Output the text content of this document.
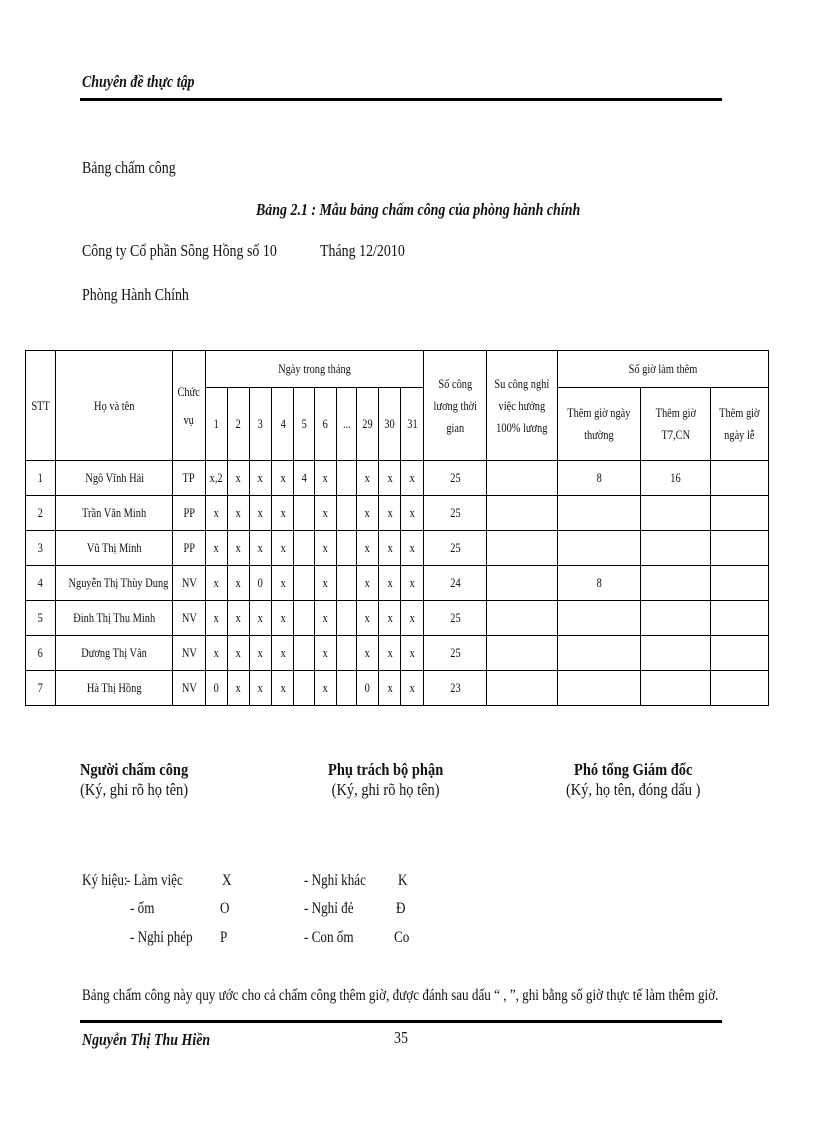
Chuyên đề thực tập
Bảng chấm công
Bảng 2.1 : Mẫu bảng chấm công của phòng hành chính
Công ty Cổ phần Sông Hồng số 10	Tháng 12/2010
Phòng Hành Chính
STT	Họ và tên	Chức vụ	Ngày trong tháng										Số công lương thời gian	Su công nghỉ việc hưởng 100% lương	Số giờ làm thêm		
			1	2	3	4	5	6	...	29	30	31			Thêm giờ ngày thường	Thêm giờ T7,CN	Thêm giờ ngày lễ
1	Ngô Vĩnh Hải	TP	x,2	x	x	x	4	x		x	x	x	25		8	16	
2	Trần Văn Minh	PP	x	x	x	x		x		x	x	x	25				
3	Vũ Thị Minh	PP	x	x	x	x		x		x	x	x	25				
4	Nguyễn Thị Thùy Dung	NV	x	x	0	x		x		x	x	x	24		8		
5	Đinh Thị Thu Minh	NV	x	x	x	x		x		x	x	x	25				
6	Dương Thị Vân	NV	x	x	x	x		x		x	x	x	25				
7	Hà Thị Hồng	NV	0	x	x	x		x		0	x	x	23				
Người chấm công
(Ký, ghi rõ họ tên)
Phụ trách bộ phận
(Ký, ghi rõ họ tên)
Phó tổng Giám đốc
(Ký, họ tên, đóng dấu )
Ký hiệu:
- Làm việc X
- ốm	O
- Nghỉ phép P
- Nghỉ khác K
- Nghỉ đẻ	Đ
- Con ốm	Co
Bảng chấm công này quy ước cho cả chấm công thêm giờ, được đánh sau dấu “ , ”, ghi bằng số giờ thực tế làm thêm giờ.
Nguyễn Thị Thu Hiền	35
